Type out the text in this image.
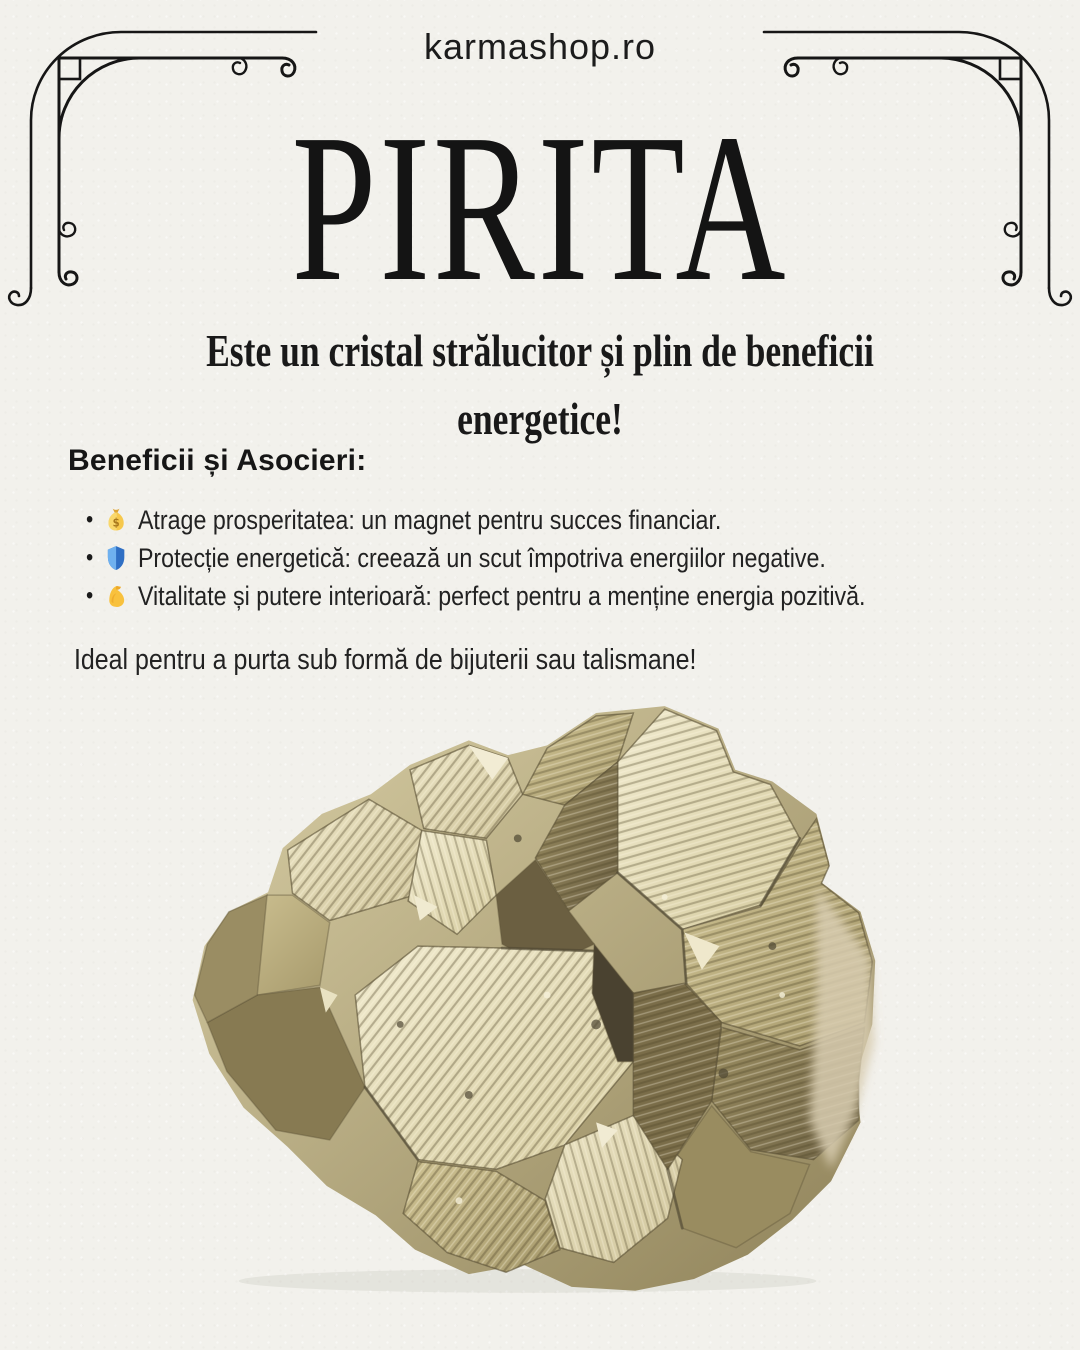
karmashop.ro
PIRITA
Este un cristal strălucitor și plin de beneficii
energetice!
Beneficii și Asocieri:
• $ Atrage prosperitatea: un magnet pentru succes financiar.
• Protecție energetică: creează un scut împotriva energiilor negative.
• Vitalitate și putere interioară: perfect pentru a menține energia pozitivă.
Ideal pentru a purta sub formă de bijuterii sau talismane!
